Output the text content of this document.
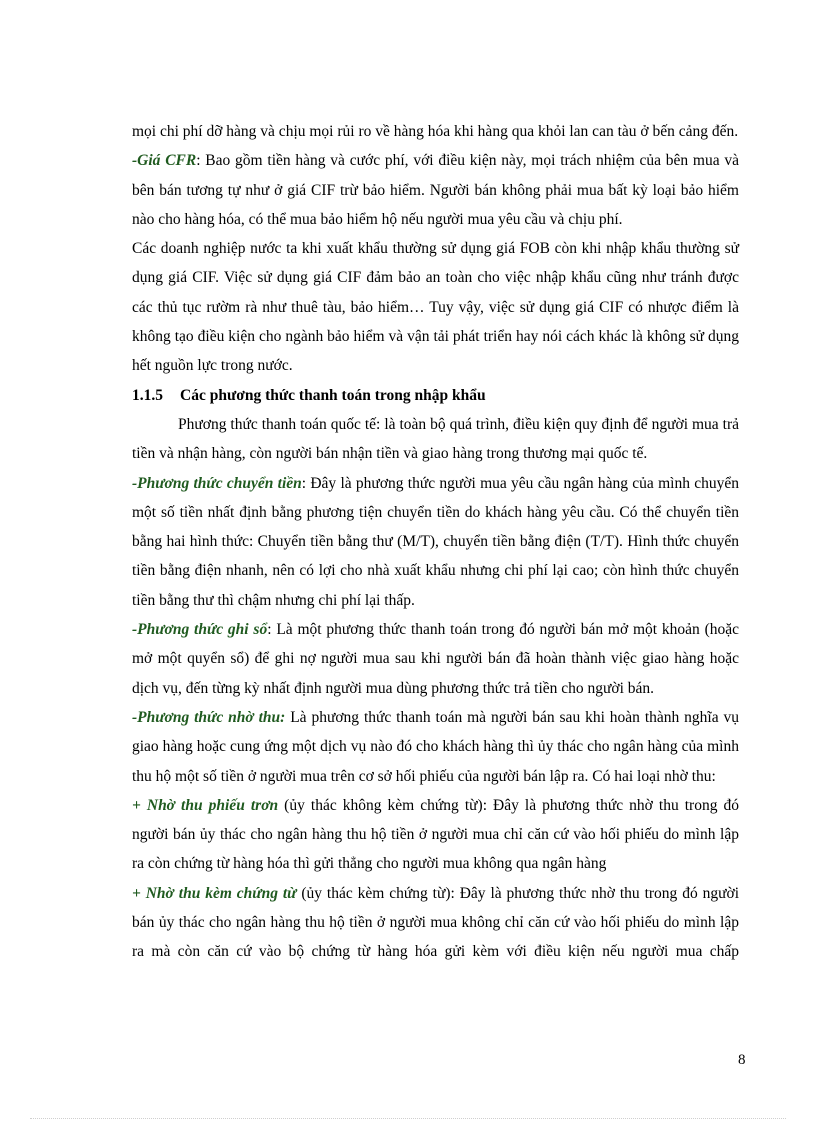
mọi chi phí dỡ hàng và chịu mọi rủi ro về hàng hóa khi hàng qua khỏi lan can tàu ở bến cảng đến.

-Giá CFR: Bao gồm tiền hàng và cước phí, với điều kiện này, mọi trách nhiệm của bên mua và bên bán tương tự như ở giá CIF trừ bảo hiểm. Người bán không phải mua bất kỳ loại bảo hiểm nào cho hàng hóa, có thể mua bảo hiểm hộ nếu người mua yêu cầu và chịu phí.

Các doanh nghiệp nước ta khi xuất khẩu thường sử dụng giá FOB còn khi nhập khẩu thường sử dụng giá CIF. Việc sử dụng giá CIF đảm bảo an toàn cho việc nhập khẩu cũng như tránh được các thủ tục rườm rà như thuê tàu, bảo hiểm… Tuy vậy, việc sử dụng giá CIF có nhược điểm là không tạo điều kiện cho ngành bảo hiểm và vận tải phát triển hay nói cách khác là không sử dụng hết nguồn lực trong nước.

1.1.5 Các phương thức thanh toán trong nhập khẩu

Phương thức thanh toán quốc tế: là toàn bộ quá trình, điều kiện quy định để người mua trả tiền và nhận hàng, còn người bán nhận tiền và giao hàng trong thương mại quốc tế.

-Phương thức chuyển tiền: Đây là phương thức người mua yêu cầu ngân hàng của mình chuyển một số tiền nhất định bằng phương tiện chuyển tiền do khách hàng yêu cầu. Có thể chuyển tiền bằng hai hình thức: Chuyển tiền bằng thư (M/T), chuyển tiền bằng điện (T/T). Hình thức chuyển tiền bằng điện nhanh, nên có lợi cho nhà xuất khẩu nhưng chi phí lại cao; còn hình thức chuyển tiền bằng thư thì chậm nhưng chi phí lại thấp.

-Phương thức ghi sổ: Là một phương thức thanh toán trong đó người bán mở một khoản (hoặc mở một quyển sổ) để ghi nợ người mua sau khi người bán đã hoàn thành việc giao hàng hoặc dịch vụ, đến từng kỳ nhất định người mua dùng phương thức trả tiền cho người bán.

-Phương thức nhờ thu: Là phương thức thanh toán mà người bán sau khi hoàn thành nghĩa vụ giao hàng hoặc cung ứng một dịch vụ nào đó cho khách hàng thì ủy thác cho ngân hàng của mình thu hộ một số tiền ở người mua trên cơ sở hối phiếu của người bán lập ra. Có hai loại nhờ thu:

+ Nhờ thu phiếu trơn (ủy thác không kèm chứng từ): Đây là phương thức nhờ thu trong đó người bán ủy thác cho ngân hàng thu hộ tiền ở người mua chỉ căn cứ vào hối phiếu do mình lập ra còn chứng từ hàng hóa thì gửi thẳng cho người mua không qua ngân hàng

+ Nhờ thu kèm chứng từ (ủy thác kèm chứng từ): Đây là phương thức nhờ thu trong đó người bán ủy thác cho ngân hàng thu hộ tiền ở người mua không chỉ căn cứ vào hối phiếu do mình lập ra mà còn căn cứ vào bộ chứng từ hàng hóa gửi kèm với điều kiện nếu người mua chấp

8
